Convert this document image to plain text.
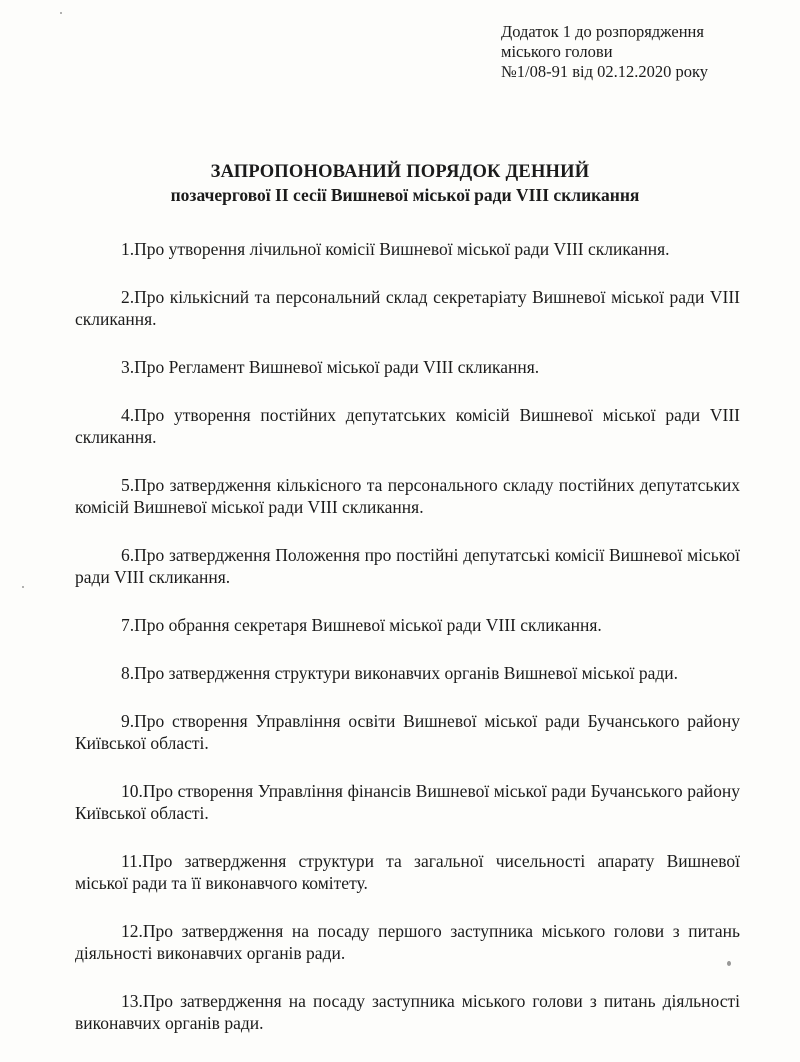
Додаток 1 до розпорядження
міського голови
№1/08-91 від 02.12.2020 року
ЗАПРОПОНОВАНИЙ ПОРЯДОК ДЕННИЙ
позачергової II сесії Вишневої міської ради VIII скликання

1.Про утворення лічильної комісії Вишневої міської ради VIII скликання.

2.Про кількісний та персональний склад секретаріату Вишневої міської ради VIII скликання.

3.Про Регламент Вишневої міської ради VIII скликання.

4.Про утворення постійних депутатських комісій Вишневої міської ради VIII скликання.

5.Про затвердження кількісного та персонального складу постійних депутатських комісій Вишневої міської ради VIII скликання.

6.Про затвердження Положення про постійні депутатські комісії Вишневої міської ради VIII скликання.

7.Про обрання секретаря Вишневої міської ради VIII скликання.

8.Про затвердження структури виконавчих органів Вишневої міської ради.

9.Про створення Управління освіти Вишневої міської ради Бучанського району Київської області.

10.Про створення Управління фінансів Вишневої міської ради Бучанського району Київської області.

11.Про затвердження структури та загальної чисельності апарату Вишневої міської ради та її виконавчого комітету.

12.Про затвердження на посаду першого заступника міського голови з питань діяльності виконавчих органів ради.

13.Про затвердження на посаду заступника міського голови з питань діяльності виконавчих органів ради.
